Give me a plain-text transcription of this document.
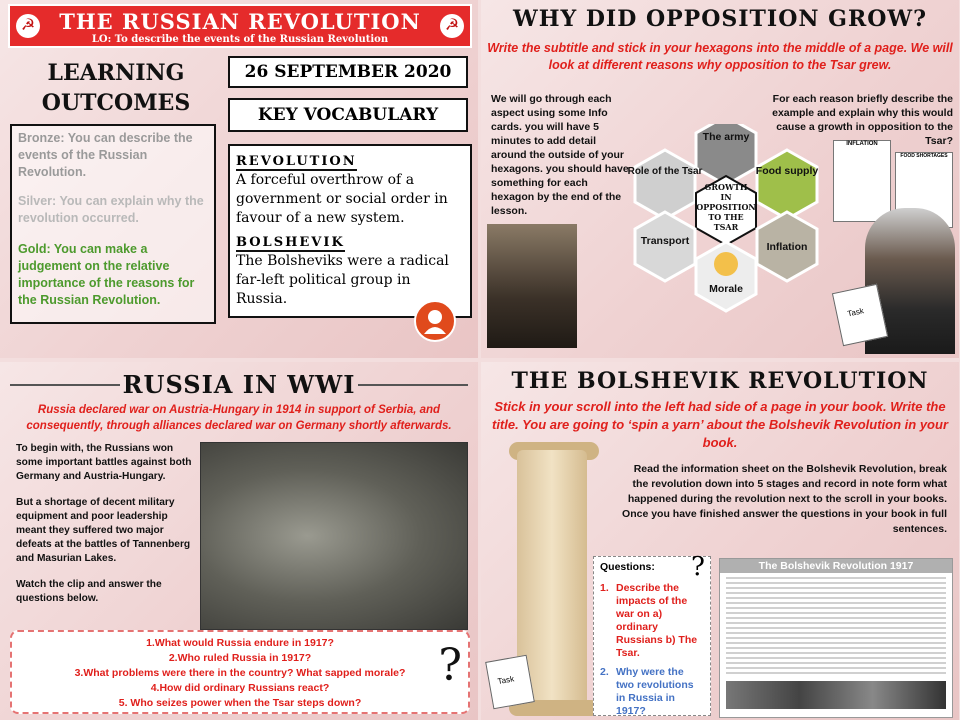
☭	THE RUSSIAN REVOLUTION
LO: To describe the events of the Russian Revolution
☭
LEARNING
OUTCOMES
Bronze: You can describe the events of the Russian Revolution.
Silver: You can explain why the revolution occurred.
Gold: You can make a judgement on the relative importance of the reasons for the Russian Revolution.
26 SEPTEMBER 2020
KEY VOCABULARY
REVOLUTION
A forceful overthrow of a government or social order in favour of a new system.
BOLSHEVIK
The Bolsheviks were a radical far-left political group in Russia.
WHY DID OPPOSITION GROW?
Write the subtitle and stick in your hexagons into the middle of a page. We will look at different reasons why opposition to the Tsar grew.
We will go through each aspect using some Info cards. you will have 5 minutes to add detail around the outside of your hexagons. you should have something for each hexagon by the end of the lesson.
For each reason briefly describe the example and explain why this would cause a growth in opposition to the Tsar?
The army
Role of the Tsar	Food supply
GROWTH
IN
OPPOSITION
TO THE
TSAR
Transport	Inflation
Morale
INFLATION
FOOD SHORTAGES
Task
RUSSIA IN WWI
Russia declared war on Austria-Hungary in 1914 in support of Serbia, and consequently, through alliances declared war on Germany shortly afterwards.
To begin with, the Russians won some important battles against both Germany and Austria-Hungary.
But a shortage of decent military equipment and poor leadership meant they suffered two major defeats at the battles of Tannenberg and Masurian Lakes.
Watch the clip and answer the questions below.
1.What would Russia endure in 1917?
2.Who ruled Russia in 1917?
3.What problems were there in the country? What sapped morale?
4.How did ordinary Russians react?
5. Who seizes power when the Tsar steps down?
?
THE BOLSHEVIK REVOLUTION
Stick in your scroll into the left had side of a page in your book. Write the title. You are going to ‘spin a yarn’ about the Bolshevik Revolution in your book.
Read the information sheet on the Bolshevik Revolution, break the revolution down into 5 stages and record in note form what happened during the revolution next to the scroll in your books. Once you have finished answer the questions in your book in full sentences.
Questions:
1. Describe the impacts of the war on a) ordinary Russians b) The Tsar.
2. Why were the two revolutions in Russia in 1917?
?	The Bolshevik Revolution 1917
Task
